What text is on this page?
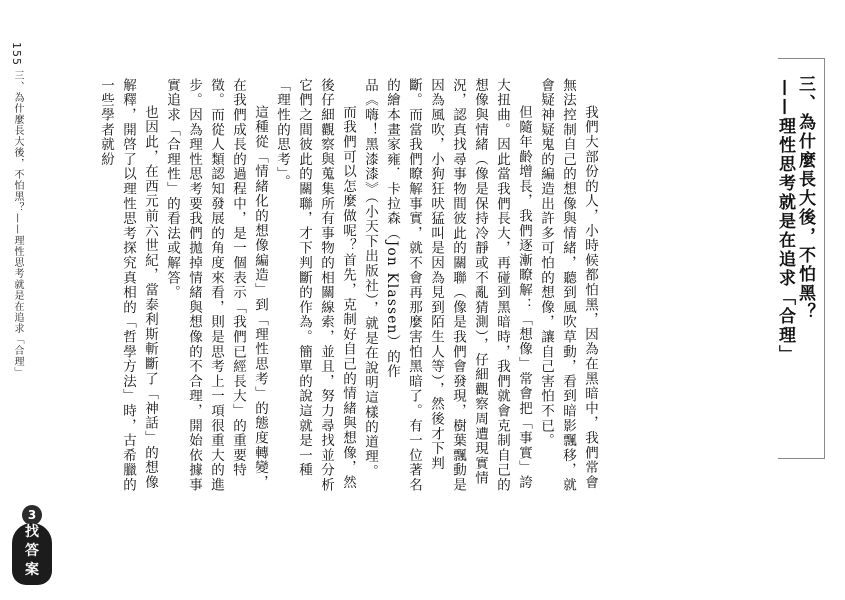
155
三、為什麼長大後，不怕黑？——理性思考就是在追求「合理」	三、為什麼長大後，不怕黑？
——理性思考就是在追求「合理」

我們大部份的人，小時候都怕黑，因為在黑暗中，我們常會無法控制自己的想像與情緒，聽到風吹草動，看到暗影飄移，就會疑神疑鬼的編造出許多可怕的想像，讓自己害怕不已。

但隨年齡增長，我們逐漸瞭解：「想像」常會把「事實」誇大扭曲。因此當我們長大，再碰到黑暗時，我們就會克制自己的想像與情緒（像是保持冷靜或不亂猜測），仔細觀察周遭現實情況，認真找尋事物間彼此的關聯（像是我們會發現，樹葉飄動是因為風吹，小狗狂吠猛叫是因為見到陌生人等），然後才下判斷。而當我們瞭解事實，就不會再那麼害怕黑暗了。有一位著名的繪本畫家雍．卡拉森（Jon Klassen）的作

品《嗨！黑漆漆》（小天下出版社），就是在說明這樣的道理。

而我們可以怎麼做呢？首先，克制好自己的情緒與想像，然後仔細觀察與蒐集所有事物的相關線索，並且，努力尋找並分析它們之間彼此的關聯，才下判斷的作為。簡單的說這就是一種「理性的思考」。

這種從「情緒化的想像編造」到「理性思考」的態度轉變，在我們成長的過程中，是一個表示「我們已經長大」的重要特徵。而從人類認知發展的角度來看，則是思考上一項很重大的進步。因為理性思考要我們拋掉情緒與想像的不合理，開始依據事實追求「合理性」的看法或解答。

也因此，在西元前六世紀，當泰利斯斬斷了「神話」的想像解釋，開啓了以理性思考探究真相的「哲學方法」時，古希臘的一些學者就紛

3
找
答
案
